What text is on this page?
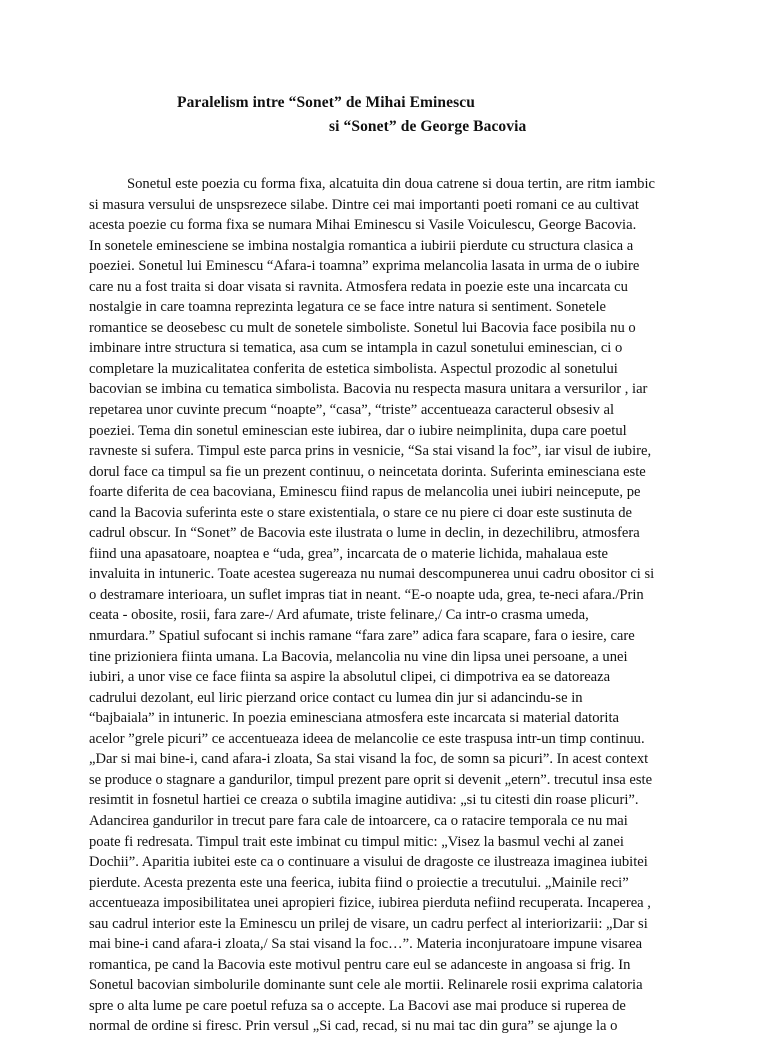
Paralelism intre “Sonet” de Mihai Eminescu
si “Sonet” de George Bacovia
Sonetul este poezia cu forma fixa, alcatuita din doua catrene si doua tertin, are ritm iambic
si masura versului de unspsrezece silabe. Dintre cei mai importanti poeti romani ce au cultivat
acesta poezie cu forma fixa se numara Mihai Eminescu si Vasile Voiculescu, George Bacovia.
In sonetele eminesciene se imbina nostalgia romantica a iubirii pierdute cu structura clasica a
poeziei. Sonetul lui Eminescu “Afara-i toamna” exprima melancolia lasata in urma de o iubire
care nu a fost traita si doar visata si ravnita. Atmosfera redata in poezie este una incarcata cu
nostalgie in care toamna reprezinta legatura ce se face intre natura si sentiment. Sonetele
romantice se deosebesc cu mult de sonetele simboliste. Sonetul lui Bacovia face posibila nu o
imbinare intre structura si tematica, asa cum se intampla in cazul sonetului eminescian, ci o
completare la muzicalitatea conferita de estetica simbolista. Aspectul prozodic al sonetului
bacovian se imbina cu tematica simbolista. Bacovia nu respecta masura unitara a versurilor , iar
repetarea unor cuvinte precum “noapte”, “casa”, “triste” accentueaza caracterul obsesiv al
poeziei. Tema din sonetul eminescian este iubirea, dar o iubire neimplinita, dupa care poetul
ravneste si sufera. Timpul este parca prins in vesnicie, “Sa stai visand la foc”, iar visul de iubire,
dorul face ca timpul sa fie un prezent continuu, o neincetata dorinta. Suferinta eminesciana este
foarte diferita de cea bacoviana, Eminescu fiind rapus de melancolia unei iubiri neincepute, pe
cand la Bacovia suferinta este o stare existentiala, o stare ce nu piere ci doar este sustinuta de
cadrul obscur. In “Sonet” de Bacovia este ilustrata o lume in declin, in dezechilibru, atmosfera
fiind una apasatoare, noaptea e “uda, grea”, incarcata de o materie lichida, mahalaua este
invaluita in intuneric. Toate acestea sugereaza nu numai descompunerea unui cadru obositor ci si
o destramare interioara, un suflet impras tiat in neant. “E-o noapte uda, grea, te-neci afara./Prin
ceata - obosite, rosii, fara zare-/ Ard afumate, triste felinare,/ Ca intr-o crasma umeda,
nmurdara.” Spatiul sufocant si inchis ramane “fara zare” adica fara scapare, fara o iesire, care
tine prizioniera fiinta umana. La Bacovia, melancolia nu vine din lipsa unei persoane, a unei
iubiri, a unor vise ce face fiinta sa aspire la absolutul clipei, ci dimpotriva ea se datoreaza
cadrului dezolant, eul liric pierzand orice contact cu lumea din jur si adancindu-se in
“bajbaiala” in intuneric. In poezia eminesciana atmosfera este incarcata si material datorita
acelor ”grele picuri” ce accentueaza ideea de melancolie ce este traspusa intr-un timp continuu.
„Dar si mai bine-i, cand afara-i zloata, Sa stai visand la foc, de somn sa picuri”. In acest context
se produce o stagnare a gandurilor, timpul prezent pare oprit si devenit „etern”. trecutul insa este
resimtit in fosnetul hartiei ce creaza o subtila imagine autidiva: „si tu citesti din roase plicuri”.
Adancirea gandurilor in trecut pare fara cale de intoarcere, ca o ratacire temporala ce nu mai
poate fi redresata. Timpul trait este imbinat cu timpul mitic: „Visez la basmul vechi al zanei
Dochii”. Aparitia iubitei este ca o continuare a visului de dragoste ce ilustreaza imaginea iubitei
pierdute. Acesta prezenta este una feerica, iubita fiind o proiectie a trecutului. „Mainile reci”
accentueaza imposibilitatea unei apropieri fizice, iubirea pierduta nefiind recuperata. Incaperea ,
sau cadrul interior este la Eminescu un prilej de visare, un cadru perfect al interiorizarii: „Dar si
mai bine-i cand afara-i zloata,/ Sa stai visand la foc…”. Materia inconjuratoare impune visarea
romantica, pe cand la Bacovia este motivul pentru care eul se adanceste in angoasa si frig. In
Sonetul bacovian simbolurile dominante sunt cele ale mortii. Relinarele rosii exprima calatoria
spre o alta lume pe care poetul refuza sa o accepte. La Bacovi ase mai produce si ruperea de
normal de ordine si firesc. Prin versul „Si cad, recad, si nu mai tac din gura” se ajunge la o
